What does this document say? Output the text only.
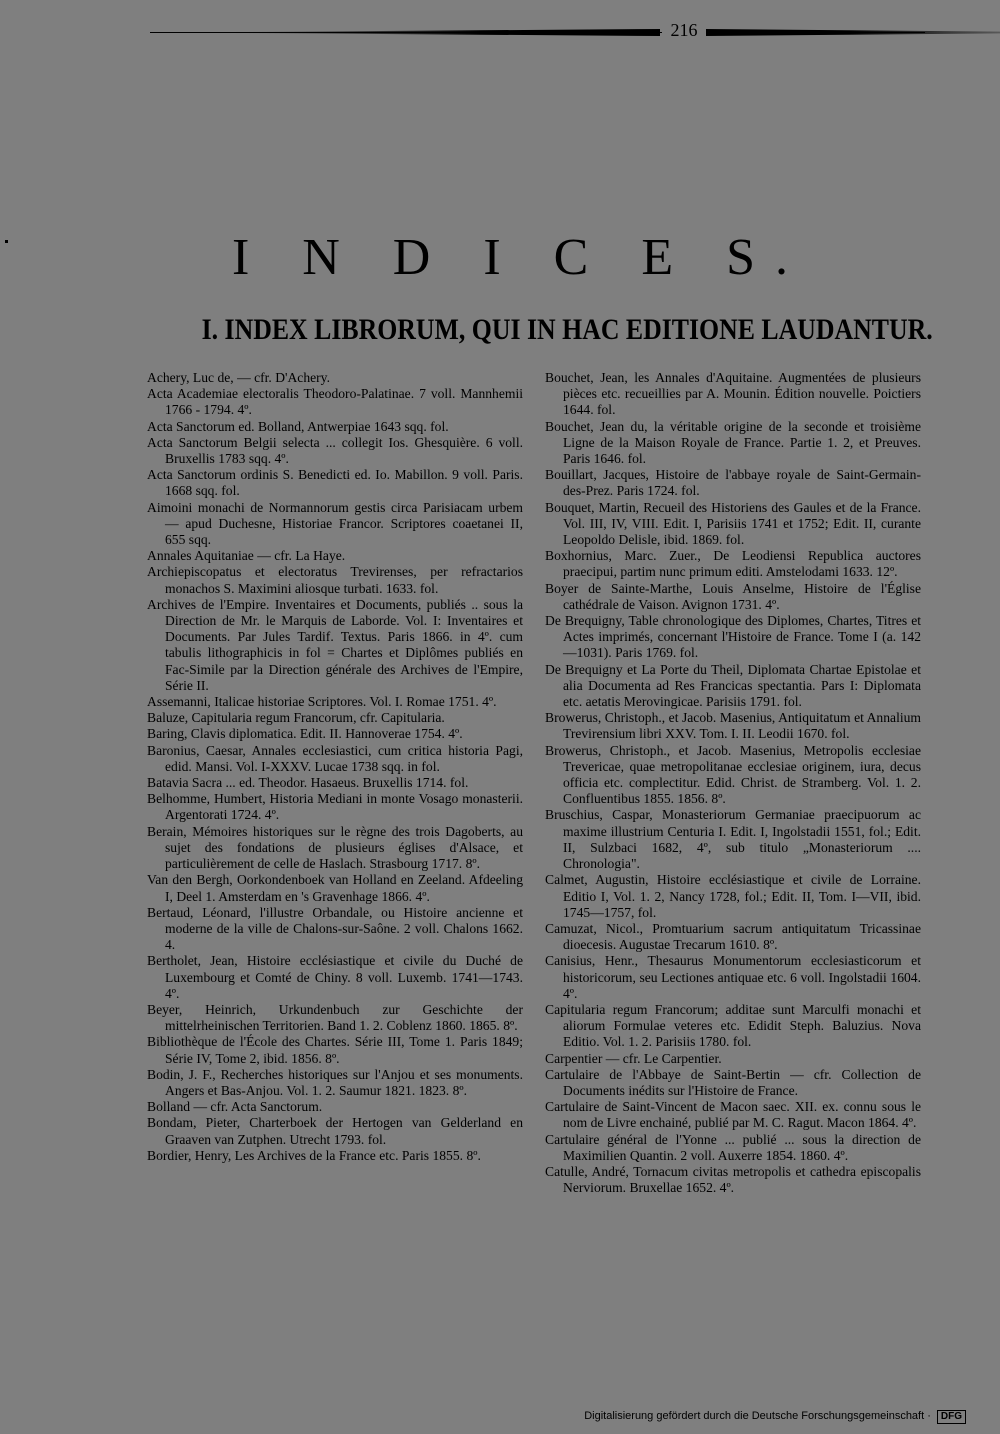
216
I N D I C E S.
I. INDEX LIBRORUM, QUI IN HAC EDITIONE LAUDANTUR.

Achery, Luc de, — cfr. D'Achery.

Acta Academiae electoralis Theodoro-Palatinae. 7 voll. Mannhemii 1766 - 1794. 4º.

Acta Sanctorum ed. Bolland, Antwerpiae 1643 sqq. fol.

Acta Sanctorum Belgii selecta ... collegit Ios. Ghesquière. 6 voll. Bruxellis 1783 sqq. 4º.

Acta Sanctorum ordinis S. Benedicti ed. Io. Mabillon. 9 voll. Paris. 1668 sqq. fol.

Aimoini monachi de Normannorum gestis circa Parisiacam urbem — apud Duchesne, Historiae Francor. Scriptores coaetanei II, 655 sqq.

Annales Aquitaniae — cfr. La Haye.

Archiepiscopatus et electoratus Trevirenses, per refractarios monachos S. Maximini aliosque turbati. 1633. fol.

Archives de l'Empire. Inventaires et Documents, publiés .. sous la Direction de Mr. le Marquis de Laborde. Vol. I: Inventaires et Documents. Par Jules Tardif. Textus. Paris 1866. in 4º. cum tabulis lithographicis in fol = Chartes et Diplômes publiés en Fac-Simile par la Direction générale des Archives de l'Empire, Série II.

Assemanni, Italicae historiae Scriptores. Vol. I. Romae 1751. 4º.

Baluze, Capitularia regum Francorum, cfr. Capitularia.

Baring, Clavis diplomatica. Edit. II. Hannoverae 1754. 4º.

Baronius, Caesar, Annales ecclesiastici, cum critica historia Pagi, edid. Mansi. Vol. I-XXXV. Lucae 1738 sqq. in fol.

Batavia Sacra ... ed. Theodor. Hasaeus. Bruxellis 1714. fol.

Belhomme, Humbert, Historia Mediani in monte Vosago monasterii. Argentorati 1724. 4º.

Berain, Mémoires historiques sur le règne des trois Dagoberts, au sujet des fondations de plusieurs églises d'Alsace, et particulièrement de celle de Haslach. Strasbourg 1717. 8º.

Van den Bergh, Oorkondenboek van Holland en Zeeland. Afdeeling I, Deel 1. Amsterdam en 's Gravenhage 1866. 4º.

Bertaud, Léonard, l'illustre Orbandale, ou Histoire ancienne et moderne de la ville de Chalons-sur-Saône. 2 voll. Chalons 1662. 4.

Bertholet, Jean, Histoire ecclésiastique et civile du Duché de Luxembourg et Comté de Chiny. 8 voll. Luxemb. 1741—1743. 4º.

Beyer, Heinrich, Urkundenbuch zur Geschichte der mittelrheinischen Territorien. Band 1. 2. Coblenz 1860. 1865. 8º.

Bibliothèque de l'École des Chartes. Série III, Tome 1. Paris 1849; Série IV, Tome 2, ibid. 1856. 8º.

Bodin, J. F., Recherches historiques sur l'Anjou et ses monuments. Angers et Bas-Anjou. Vol. 1. 2. Saumur 1821. 1823. 8º.

Bolland — cfr. Acta Sanctorum.

Bondam, Pieter, Charterboek der Hertogen van Gelderland en Graaven van Zutphen. Utrecht 1793. fol.

Bordier, Henry, Les Archives de la France etc. Paris 1855. 8º.

Bouchet, Jean, les Annales d'Aquitaine. Augmentées de plusieurs pièces etc. recueillies par A. Mounin. Édition nouvelle. Poictiers 1644. fol.

Bouchet, Jean du, la véritable origine de la seconde et troisième Ligne de la Maison Royale de France. Partie 1. 2, et Preuves. Paris 1646. fol.

Bouillart, Jacques, Histoire de l'abbaye royale de Saint-Germain-des-Prez. Paris 1724. fol.

Bouquet, Martin, Recueil des Historiens des Gaules et de la France. Vol. III, IV, VIII. Edit. I, Parisiis 1741 et 1752; Edit. II, curante Leopoldo Delisle, ibid. 1869. fol.

Boxhornius, Marc. Zuer., De Leodiensi Republica auctores praecipui, partim nunc primum editi. Amstelodami 1633. 12º.

Boyer de Sainte-Marthe, Louis Anselme, Histoire de l'Église cathédrale de Vaison. Avignon 1731. 4º.

De Brequigny, Table chronologique des Diplomes, Chartes, Titres et Actes imprimés, concernant l'Histoire de France. Tome I (a. 142—1031). Paris 1769. fol.

De Brequigny et La Porte du Theil, Diplomata Chartae Epistolae et alia Documenta ad Res Francicas spectantia. Pars I: Diplomata etc. aetatis Merovingicae. Parisiis 1791. fol.

Browerus, Christoph., et Jacob. Masenius, Antiquitatum et Annalium Trevirensium libri XXV. Tom. I. II. Leodii 1670. fol.

Browerus, Christoph., et Jacob. Masenius, Metropolis ecclesiae Trevericae, quae metropolitanae ecclesiae originem, iura, decus officia etc. complectitur. Edid. Christ. de Stramberg. Vol. 1. 2. Confluentibus 1855. 1856. 8º.

Bruschius, Caspar, Monasteriorum Germaniae praecipuorum ac maxime illustrium Centuria I. Edit. I, Ingolstadii 1551, fol.; Edit. II, Sulzbaci 1682, 4º, sub titulo „Monasteriorum .... Chronologia".

Calmet, Augustin, Histoire ecclésiastique et civile de Lorraine. Editio I, Vol. 1. 2, Nancy 1728, fol.; Edit. II, Tom. I—VII, ibid. 1745—1757, fol.

Camuzat, Nicol., Promtuarium sacrum antiquitatum Tricassinae dioecesis. Augustae Trecarum 1610. 8º.

Canisius, Henr., Thesaurus Monumentorum ecclesiasticorum et historicorum, seu Lectiones antiquae etc. 6 voll. Ingolstadii 1604. 4º.

Capitularia regum Francorum; additae sunt Marculfi monachi et aliorum Formulae veteres etc. Edidit Steph. Baluzius. Nova Editio. Vol. 1. 2. Parisiis 1780. fol.

Carpentier — cfr. Le Carpentier.

Cartulaire de l'Abbaye de Saint-Bertin — cfr. Collection de Documents inédits sur l'Histoire de France.

Cartulaire de Saint-Vincent de Macon saec. XII. ex. connu sous le nom de Livre enchainé, publié par M. C. Ragut. Macon 1864. 4º.

Cartulaire général de l'Yonne ... publié ... sous la direction de Maximilien Quantin. 2 voll. Auxerre 1854. 1860. 4º.

Catulle, André, Tornacum civitas metropolis et cathedra episcopalis Nerviorum. Bruxellae 1652. 4º.

Digitalisierung gefördert durch die Deutsche Forschungsgemeinschaft · DFG
